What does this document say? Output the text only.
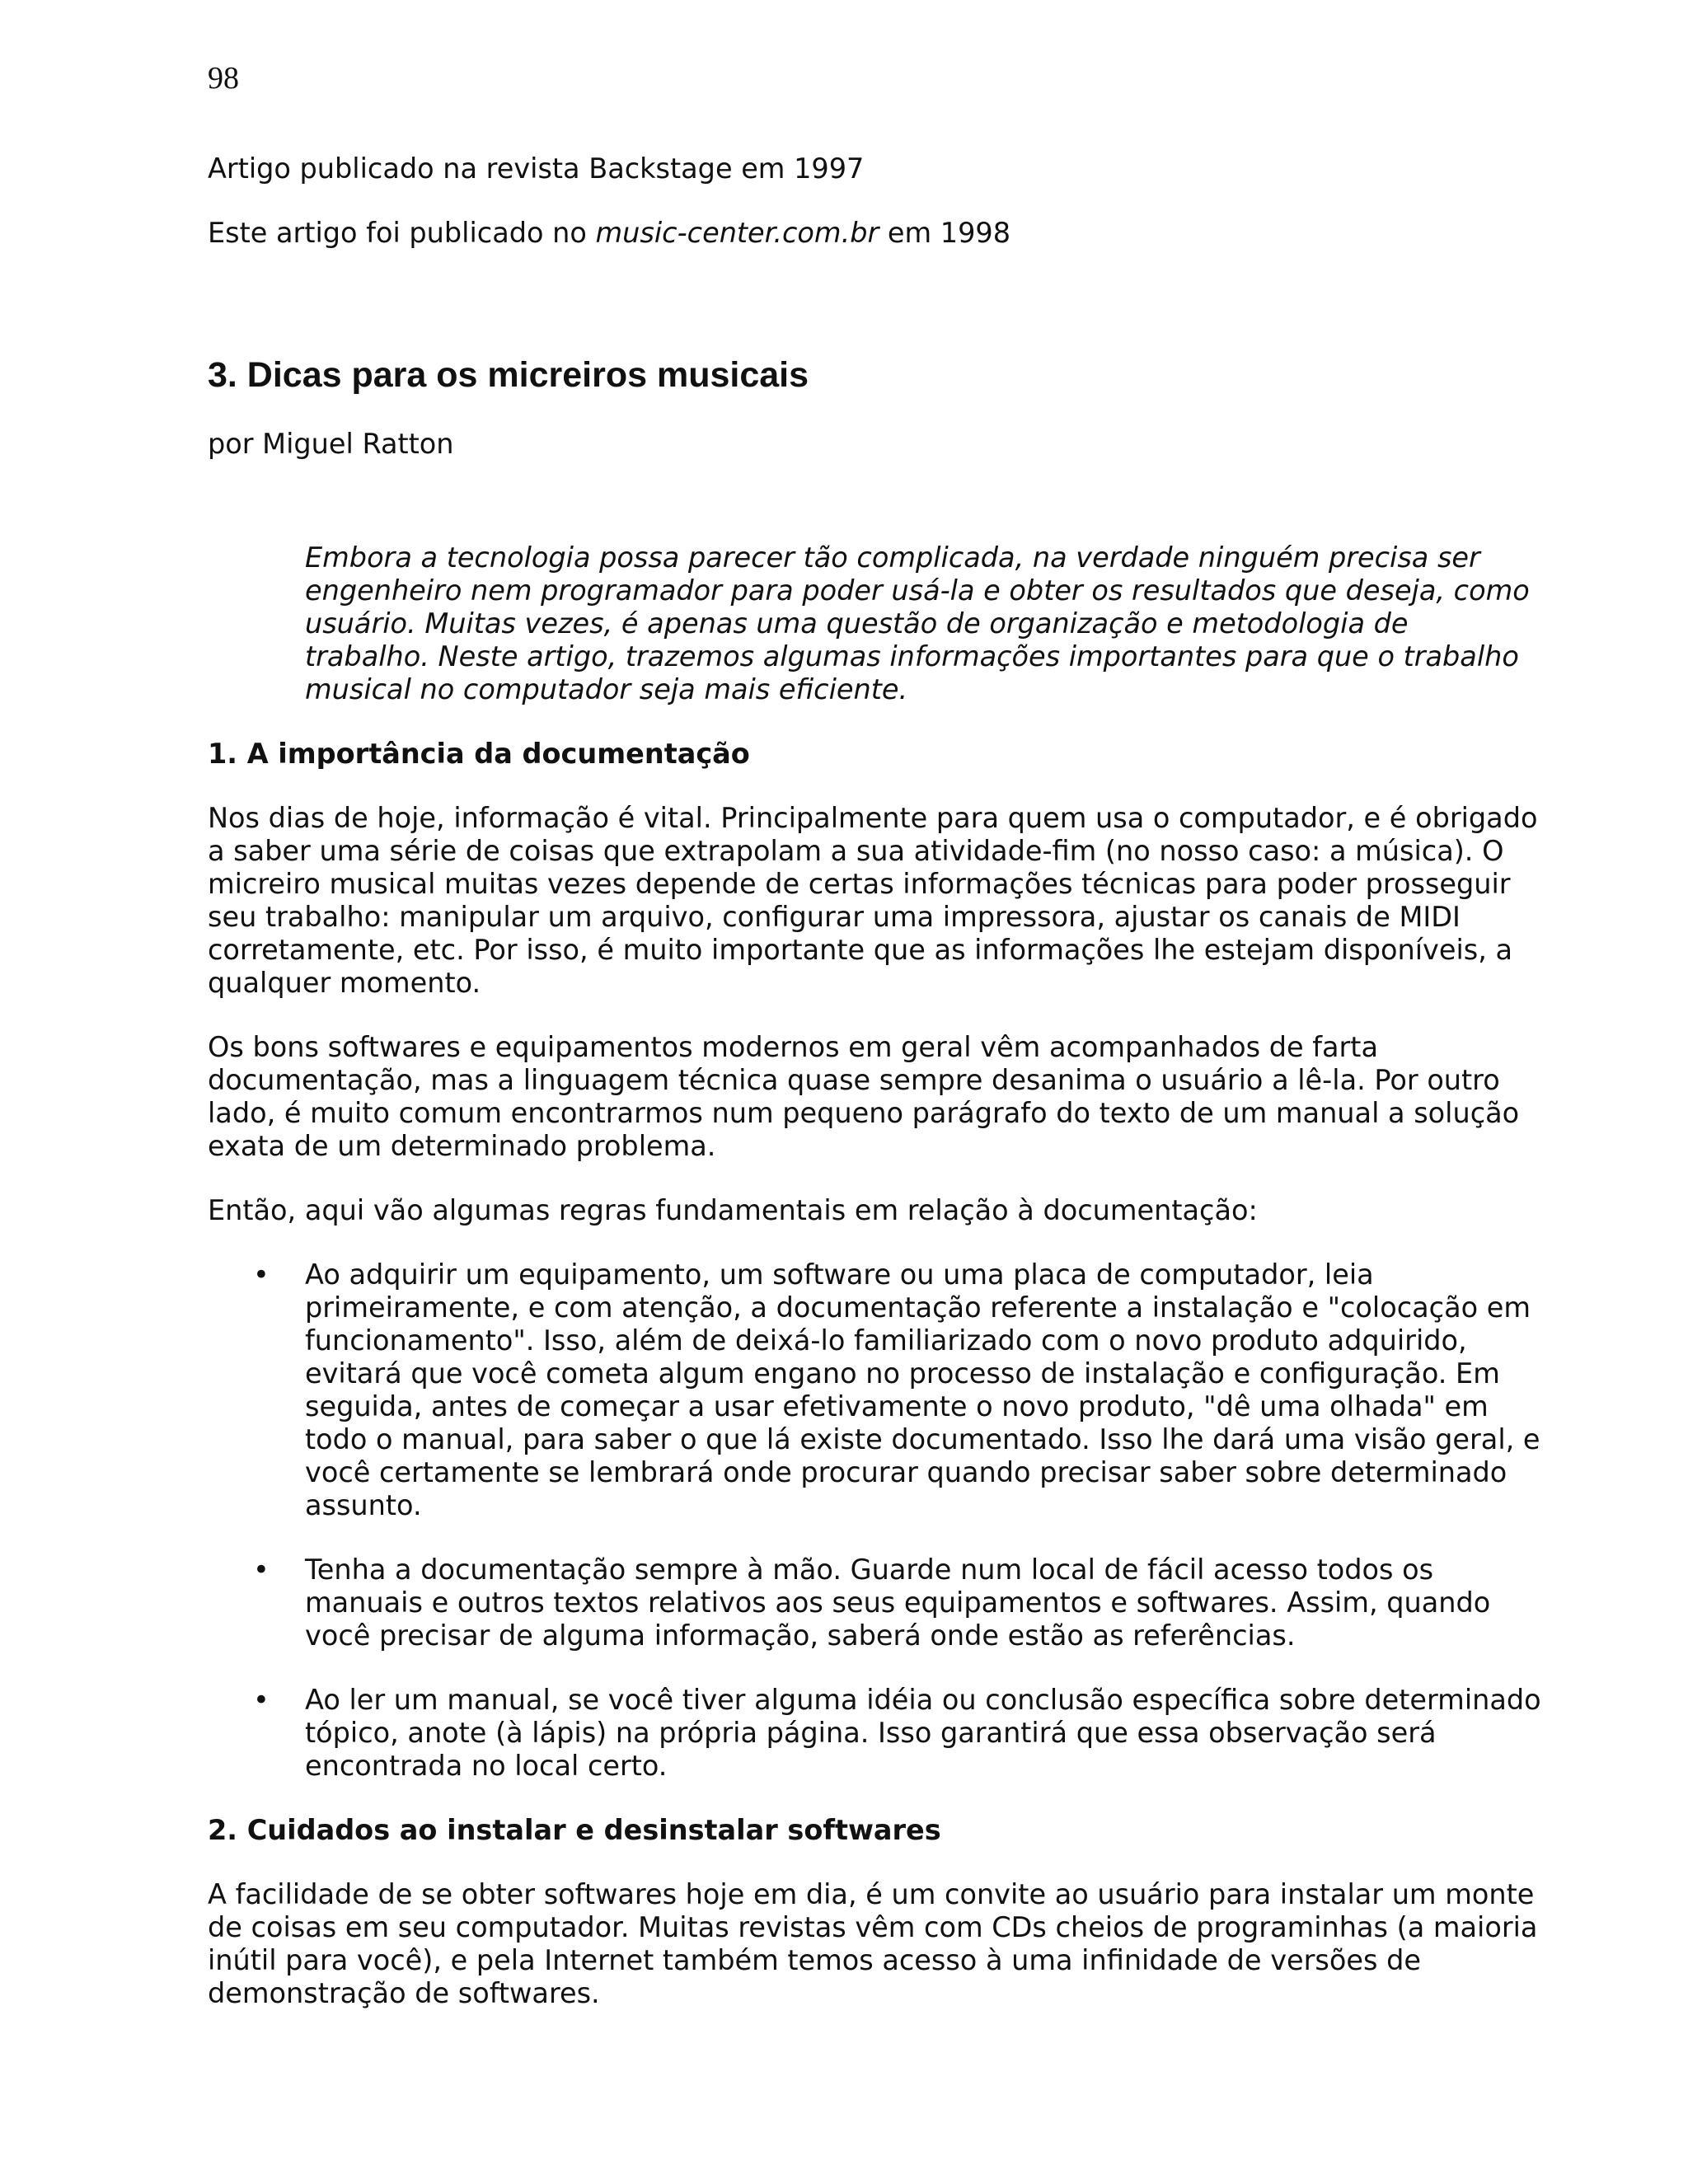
98

Artigo publicado na revista Backstage em 1997

Este artigo foi publicado no music-center.com.br em 1998

3. Dicas para os micreiros musicais

por Miguel Ratton

Embora a tecnologia possa parecer tão complicada, na verdade ninguém precisa ser engenheiro nem programador para poder usá-la e obter os resultados que deseja, como usuário. Muitas vezes, é apenas uma questão de organização e metodologia de trabalho. Neste artigo, trazemos algumas informações importantes para que o trabalho musical no computador seja mais eficiente.

1. A importância da documentação

Nos dias de hoje, informação é vital. Principalmente para quem usa o computador, e é obrigado a saber uma série de coisas que extrapolam a sua atividade-fim (no nosso caso: a música). O micreiro musical muitas vezes depende de certas informações técnicas para poder prosseguir seu trabalho: manipular um arquivo, configurar uma impressora, ajustar os canais de MIDI corretamente, etc. Por isso, é muito importante que as informações lhe estejam disponíveis, a qualquer momento.

Os bons softwares e equipamentos modernos em geral vêm acompanhados de farta documentação, mas a linguagem técnica quase sempre desanima o usuário a lê-la. Por outro lado, é muito comum encontrarmos num pequeno parágrafo do texto de um manual a solução exata de um determinado problema.

Então, aqui vão algumas regras fundamentais em relação à documentação:

• Ao adquirir um equipamento, um software ou uma placa de computador, leia primeiramente, e com atenção, a documentação referente a instalação e "colocação em funcionamento". Isso, além de deixá-lo familiarizado com o novo produto adquirido, evitará que você cometa algum engano no processo de instalação e configuração. Em seguida, antes de começar a usar efetivamente o novo produto, "dê uma olhada" em todo o manual, para saber o que lá existe documentado. Isso lhe dará uma visão geral, e você certamente se lembrará onde procurar quando precisar saber sobre determinado assunto.
• Tenha a documentação sempre à mão. Guarde num local de fácil acesso todos os manuais e outros textos relativos aos seus equipamentos e softwares. Assim, quando você precisar de alguma informação, saberá onde estão as referências.
• Ao ler um manual, se você tiver alguma idéia ou conclusão específica sobre determinado tópico, anote (à lápis) na própria página. Isso garantirá que essa observação será encontrada no local certo.
2. Cuidados ao instalar e desinstalar softwares

A facilidade de se obter softwares hoje em dia, é um convite ao usuário para instalar um monte de coisas em seu computador. Muitas revistas vêm com CDs cheios de programinhas (a maioria inútil para você), e pela Internet também temos acesso à uma infinidade de versões de demonstração de softwares.
